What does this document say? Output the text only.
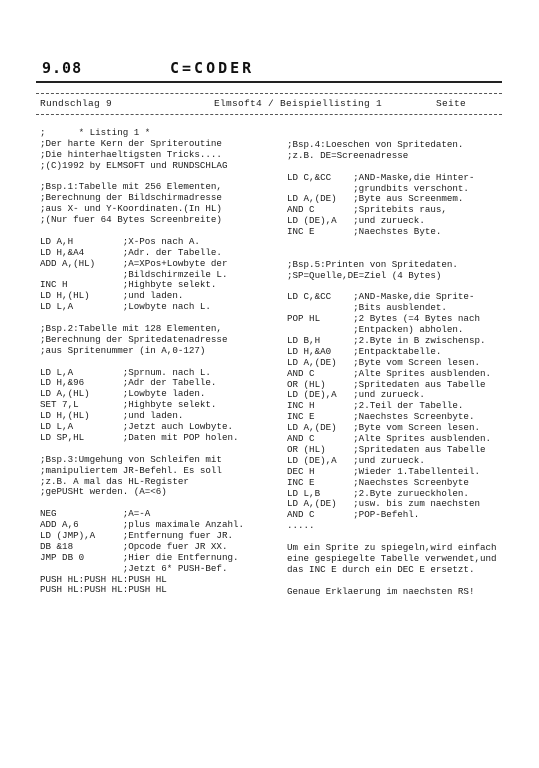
9.08	C=CODER
Rundschlag 9	Elmsoft4 / Beispiellisting 1	Seite
;      * Listing 1 *
;Der harte Kern der Spriteroutine
;Die hinterhaeltigsten Tricks....
;(C)1992 by ELMSOFT und RUNDSCHLAG
;Bsp.1:Tabelle mit 256 Elementen,
;Berechnung der Bildschirmadresse
;aus X- und Y-Koordinaten.(In HL)
;(Nur fuer 64 Bytes Screenbreite)
LD A,H         ;X-Pos nach A.
LD H,&A4       ;Adr. der Tabelle.
ADD A,(HL)     ;A=XPos+Lowbyte der
;Bildschirmzeile L.
INC H          ;Highbyte selekt.
LD H,(HL)      ;und laden.
LD L,A         ;Lowbyte nach L.
;Bsp.2:Tabelle mit 128 Elementen,
;Berechnung der Spritedatenadresse
;aus Spritenummer (in A,0-127)
LD L,A         ;Sprnum. nach L.
LD H,&96       ;Adr der Tabelle.
LD A,(HL)      ;Lowbyte laden.
SET 7,L        ;Highbyte selekt.
LD H,(HL)      ;und laden.
LD L,A         ;Jetzt auch Lowbyte.
LD SP,HL       ;Daten mit POP holen.
;Bsp.3:Umgehung von Schleifen mit
;manipuliertem JR-Befehl. Es soll
;z.B. A mal das HL-Register
;gePUSHt werden. (A=<6)
NEG            ;A=-A
ADD A,6        ;plus maximale Anzahl.
LD (JMP),A     ;Entfernung fuer JR.
DB &18         ;Opcode fuer JR XX.
JMP DB 0       ;Hier die Entfernung.
;Jetzt 6* PUSH-Bef.
PUSH HL:PUSH HL:PUSH HL
PUSH HL:PUSH HL:PUSH HL
;Bsp.4:Loeschen von Spritedaten.
;z.B. DE=Screenadresse
LD C,&CC    ;AND-Maske,die Hinter-
;grundbits verschont.
LD A,(DE)   ;Byte aus Screenmem.
AND C       ;Spritebits raus,
LD (DE),A   ;und zurueck.
INC E       ;Naechstes Byte.
;Bsp.5:Printen von Spritedaten.
;SP=Quelle,DE=Ziel (4 Bytes)
LD C,&CC    ;AND-Maske,die Sprite-
;Bits ausblendet.
POP HL      ;2 Bytes (=4 Bytes nach
;Entpacken) abholen.
LD B,H      ;2.Byte in B zwischensp.
LD H,&A0    ;Entpacktabelle.
LD A,(DE)   ;Byte vom Screen lesen.
AND C       ;Alte Sprites ausblenden.
OR (HL)     ;Spritedaten aus Tabelle
LD (DE),A   ;und zurueck.
INC H       ;2.Teil der Tabelle.
INC E       ;Naechstes Screenbyte.
LD A,(DE)   ;Byte vom Screen lesen.
AND C       ;Alte Sprites ausblenden.
OR (HL)     ;Spritedaten aus Tabelle
LD (DE),A   ;und zurueck.
DEC H       ;Wieder 1.Tabellenteil.
INC E       ;Naechstes Screenbyte
LD L,B      ;2.Byte zurueckholen.
LD A,(DE)   ;usw. bis zum naechsten
AND C       ;POP-Befehl.
.....
Um ein Sprite zu spiegeln,wird einfach
eine gespiegelte Tabelle verwendet,und
das INC E durch ein DEC E ersetzt.
Genaue Erklaerung im naechsten RS!
